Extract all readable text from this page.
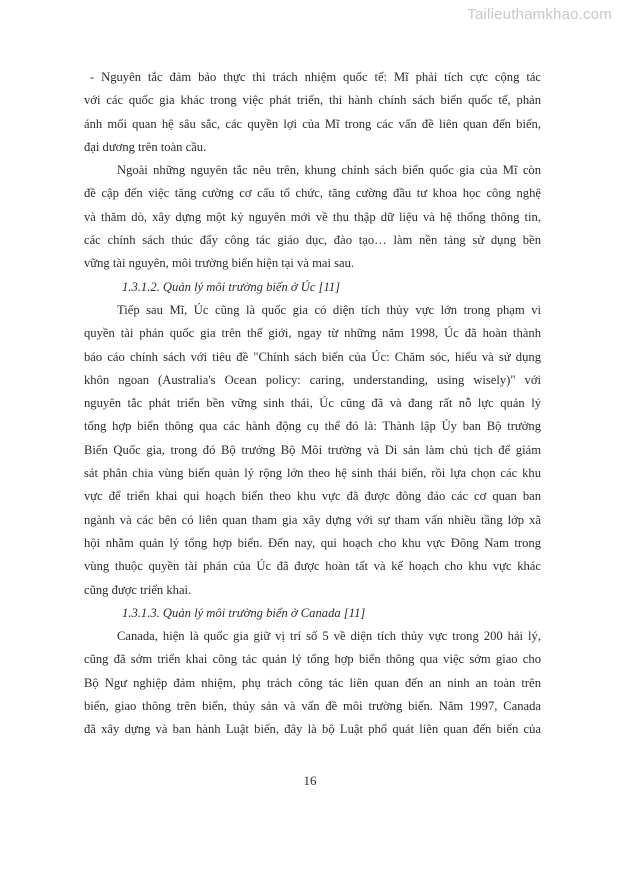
Tailieuthamkhao.com
- Nguyên tắc đảm bảo thực thi trách nhiệm quốc tế: Mĩ phải tích cực cộng tác
với các quốc gia khác trong việc phát triển, thi hành chính sách biển quốc tế, phản
ánh mối quan hệ sâu sắc, các quyền lợi của Mĩ trong các vấn đề liên quan đến biển,
đại dương trên toàn cầu.
Ngoài những nguyên tắc nêu trên, khung chính sách biển quốc gia của Mĩ còn
đề cập đến việc tăng cường cơ cấu tổ chức, tăng cường đầu tư khoa học công nghệ
và thăm dò, xây dựng một kỷ nguyên mới về thu thập dữ liệu và hệ thống thông tin,
các chính sách thúc đẩy công tác giáo dục, đào tạo… làm nền tảng sử dụng bền
vững tài nguyên, môi trường biển hiện tại và mai sau.
1.3.1.2. Quản lý môi trường biển ở Úc [11]
Tiếp sau Mĩ, Úc cũng là quốc gia có diện tích thủy vực lớn trong phạm vi
quyền tài phán quốc gia trên thế giới, ngay từ những năm 1998, Úc đã hoàn thành
báo cáo chính sách với tiêu đề "Chính sách biển của Úc: Chăm sóc, hiểu và sử dụng
khôn ngoan (Australia's Ocean policy: caring, understanding, using wisely)" với
nguyên tắc phát triển bền vững sinh thái, Úc cũng đã và đang rất nỗ lực quản lý
tổng hợp biển thông qua các hành động cụ thể đó là: Thành lập Ủy ban Bộ trưởng
Biển Quốc gia, trong đó Bộ trưởng Bộ Môi trường và Di sản làm chủ tịch để giám
sát phân chia vùng biển quản lý rộng lớn theo hệ sinh thái biển, rồi lựa chọn các khu
vực để triển khai qui hoạch biển theo khu vực đã được đông đảo các cơ quan ban
ngành và các bên có liên quan tham gia xây dựng với sự tham vấn nhiều tầng lớp xã
hội nhằm quản lý tổng hợp biển. Đến nay, qui hoạch cho khu vực Đông Nam trong
vùng thuộc quyền tài phán của Úc đã được hoàn tất và kế hoạch cho khu vực khác
cũng được triển khai.
1.3.1.3. Quản lý môi trường biển ở Canada [11]
Canada, hiện là quốc gia giữ vị trí số 5 về diện tích thủy vực trong 200 hải lý,
cũng đã sớm triển khai công tác quản lý tổng hợp biển thông qua việc sớm giao cho
Bộ Ngư nghiệp đảm nhiệm, phụ trách công tác liên quan đến an ninh an toàn trên
biển, giao thông trên biển, thủy sản và vấn đề môi trường biển. Năm 1997, Canada
đã xây dựng và ban hành Luật biển, đây là bộ Luật phổ quát liên quan đến biển của
16
